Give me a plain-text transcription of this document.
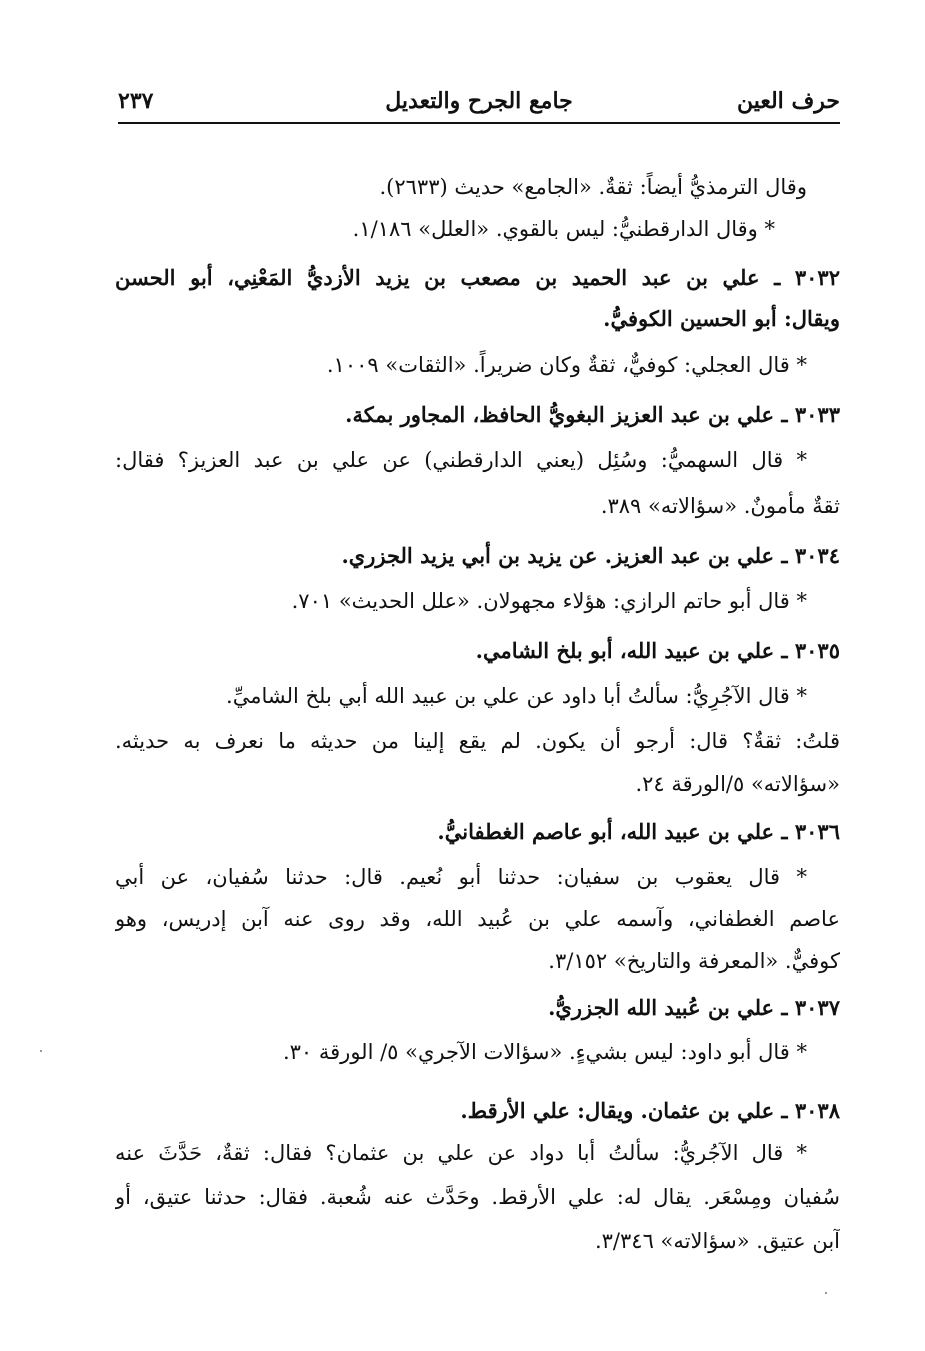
حرف العين
جامع الجرح والتعديل
٢٣٧
وقال الترمذيُّ أيضاً: ثقةٌ. «الجامع» حديث (٢٦٣٣).
* وقال الدارقطنيُّ: ليس بالقوي. «العلل» ١/١٨٦.
٣٠٣٢ ـ علي بن عبد الحميد بن مصعب بن يزيد الأزديُّ المَعْنِي، أبو الحسن
ويقال: أبو الحسين الكوفيُّ.
* قال العجلي: كوفيٌّ، ثقةٌ وكان ضريراً. «الثقات» ١٠٠٩.
٣٠٣٣ ـ علي بن عبد العزيز البغويُّ الحافظ، المجاور بمكة.
* قال السهميُّ: وسُئِل (يعني الدارقطني) عن علي بن عبد العزيز؟ فقال:
ثقةٌ مأمونٌ. «سؤالاته» ٣٨٩.
٣٠٣٤ ـ علي بن عبد العزيز. عن يزيد بن أبي يزيد الجزري.
* قال أبو حاتم الرازي: هؤلاء مجهولان. «علل الحديث» ٧٠١.
٣٠٣٥ ـ علي بن عبيد الله، أبو بلخ الشامي.
* قال الآجُرِيُّ: سألتُ أبا داود عن علي بن عبيد الله أبي بلخ الشاميِّ.
قلتُ: ثقةٌ؟ قال: أرجو أن يكون. لم يقع إلينا من حديثه ما نعرف به حديثه.
«سؤالاته» ٥/الورقة ٢٤.
٣٠٣٦ ـ علي بن عبيد الله، أبو عاصم الغطفانيُّ.
* قال يعقوب بن سفيان: حدثنا أبو نُعيم. قال: حدثنا سُفيان، عن أبي
عاصم الغطفاني، وآسمه علي بن عُبيد الله، وقد روى عنه آبن إدريس، وهو
كوفيٌّ. «المعرفة والتاريخ» ٣/١٥٢.
٣٠٣٧ ـ علي بن عُبيد الله الجزريُّ.
* قال أبو داود: ليس بشيءٍ. «سؤالات الآجري» ٥/ الورقة ٣٠.
٣٠٣٨ ـ علي بن عثمان. ويقال: علي الأرقط.
* قال الآجُريُّ: سألتُ أبا دواد عن علي بن عثمان؟ فقال: ثقةٌ، حَدَّثَ عنه
سُفيان ومِسْعَر. يقال له: علي الأرقط. وحَدَّث عنه شُعبة. فقال: حدثنا عتيق، أو
آبن عتيق. «سؤالاته» ٣/٣٤٦.
